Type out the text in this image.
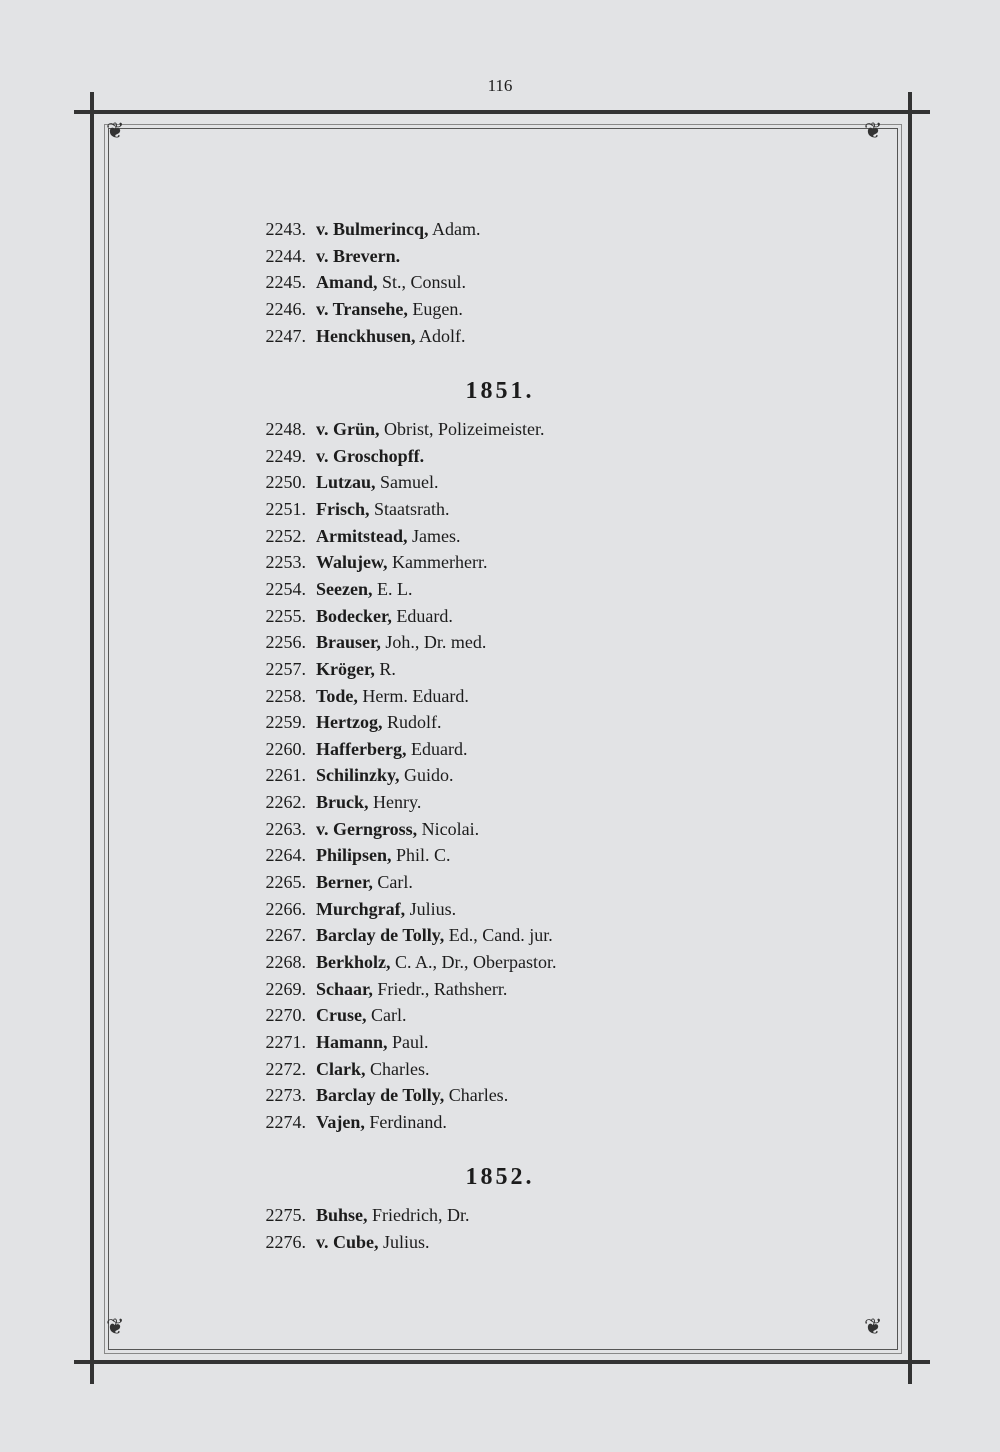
116
❦	❦
❦	❦
2243. v. Bulmerincq, Adam.
2244. v. Brevern.
2245. Amand, St., Consul.
2246. v. Transehe, Eugen.
2247. Henckhusen, Adolf.
1851.
2248. v. Grün, Obrist, Polizeimeister.
2249. v. Groschopff.
2250. Lutzau, Samuel.
2251. Frisch, Staatsrath.
2252. Armitstead, James.
2253. Walujew, Kammerherr.
2254. Seezen, E. L.
2255. Bodecker, Eduard.
2256. Brauser, Joh., Dr. med.
2257. Kröger, R.
2258. Tode, Herm. Eduard.
2259. Hertzog, Rudolf.
2260. Hafferberg, Eduard.
2261. Schilinzky, Guido.
2262. Bruck, Henry.
2263. v. Gerngross, Nicolai.
2264. Philipsen, Phil. C.
2265. Berner, Carl.
2266. Murchgraf, Julius.
2267. Barclay de Tolly, Ed., Cand. jur.
2268. Berkholz, C. A., Dr., Oberpastor.
2269. Schaar, Friedr., Rathsherr.
2270. Cruse, Carl.
2271. Hamann, Paul.
2272. Clark, Charles.
2273. Barclay de Tolly, Charles.
2274. Vajen, Ferdinand.
1852.
2275. Buhse, Friedrich, Dr.
2276. v. Cube, Julius.
